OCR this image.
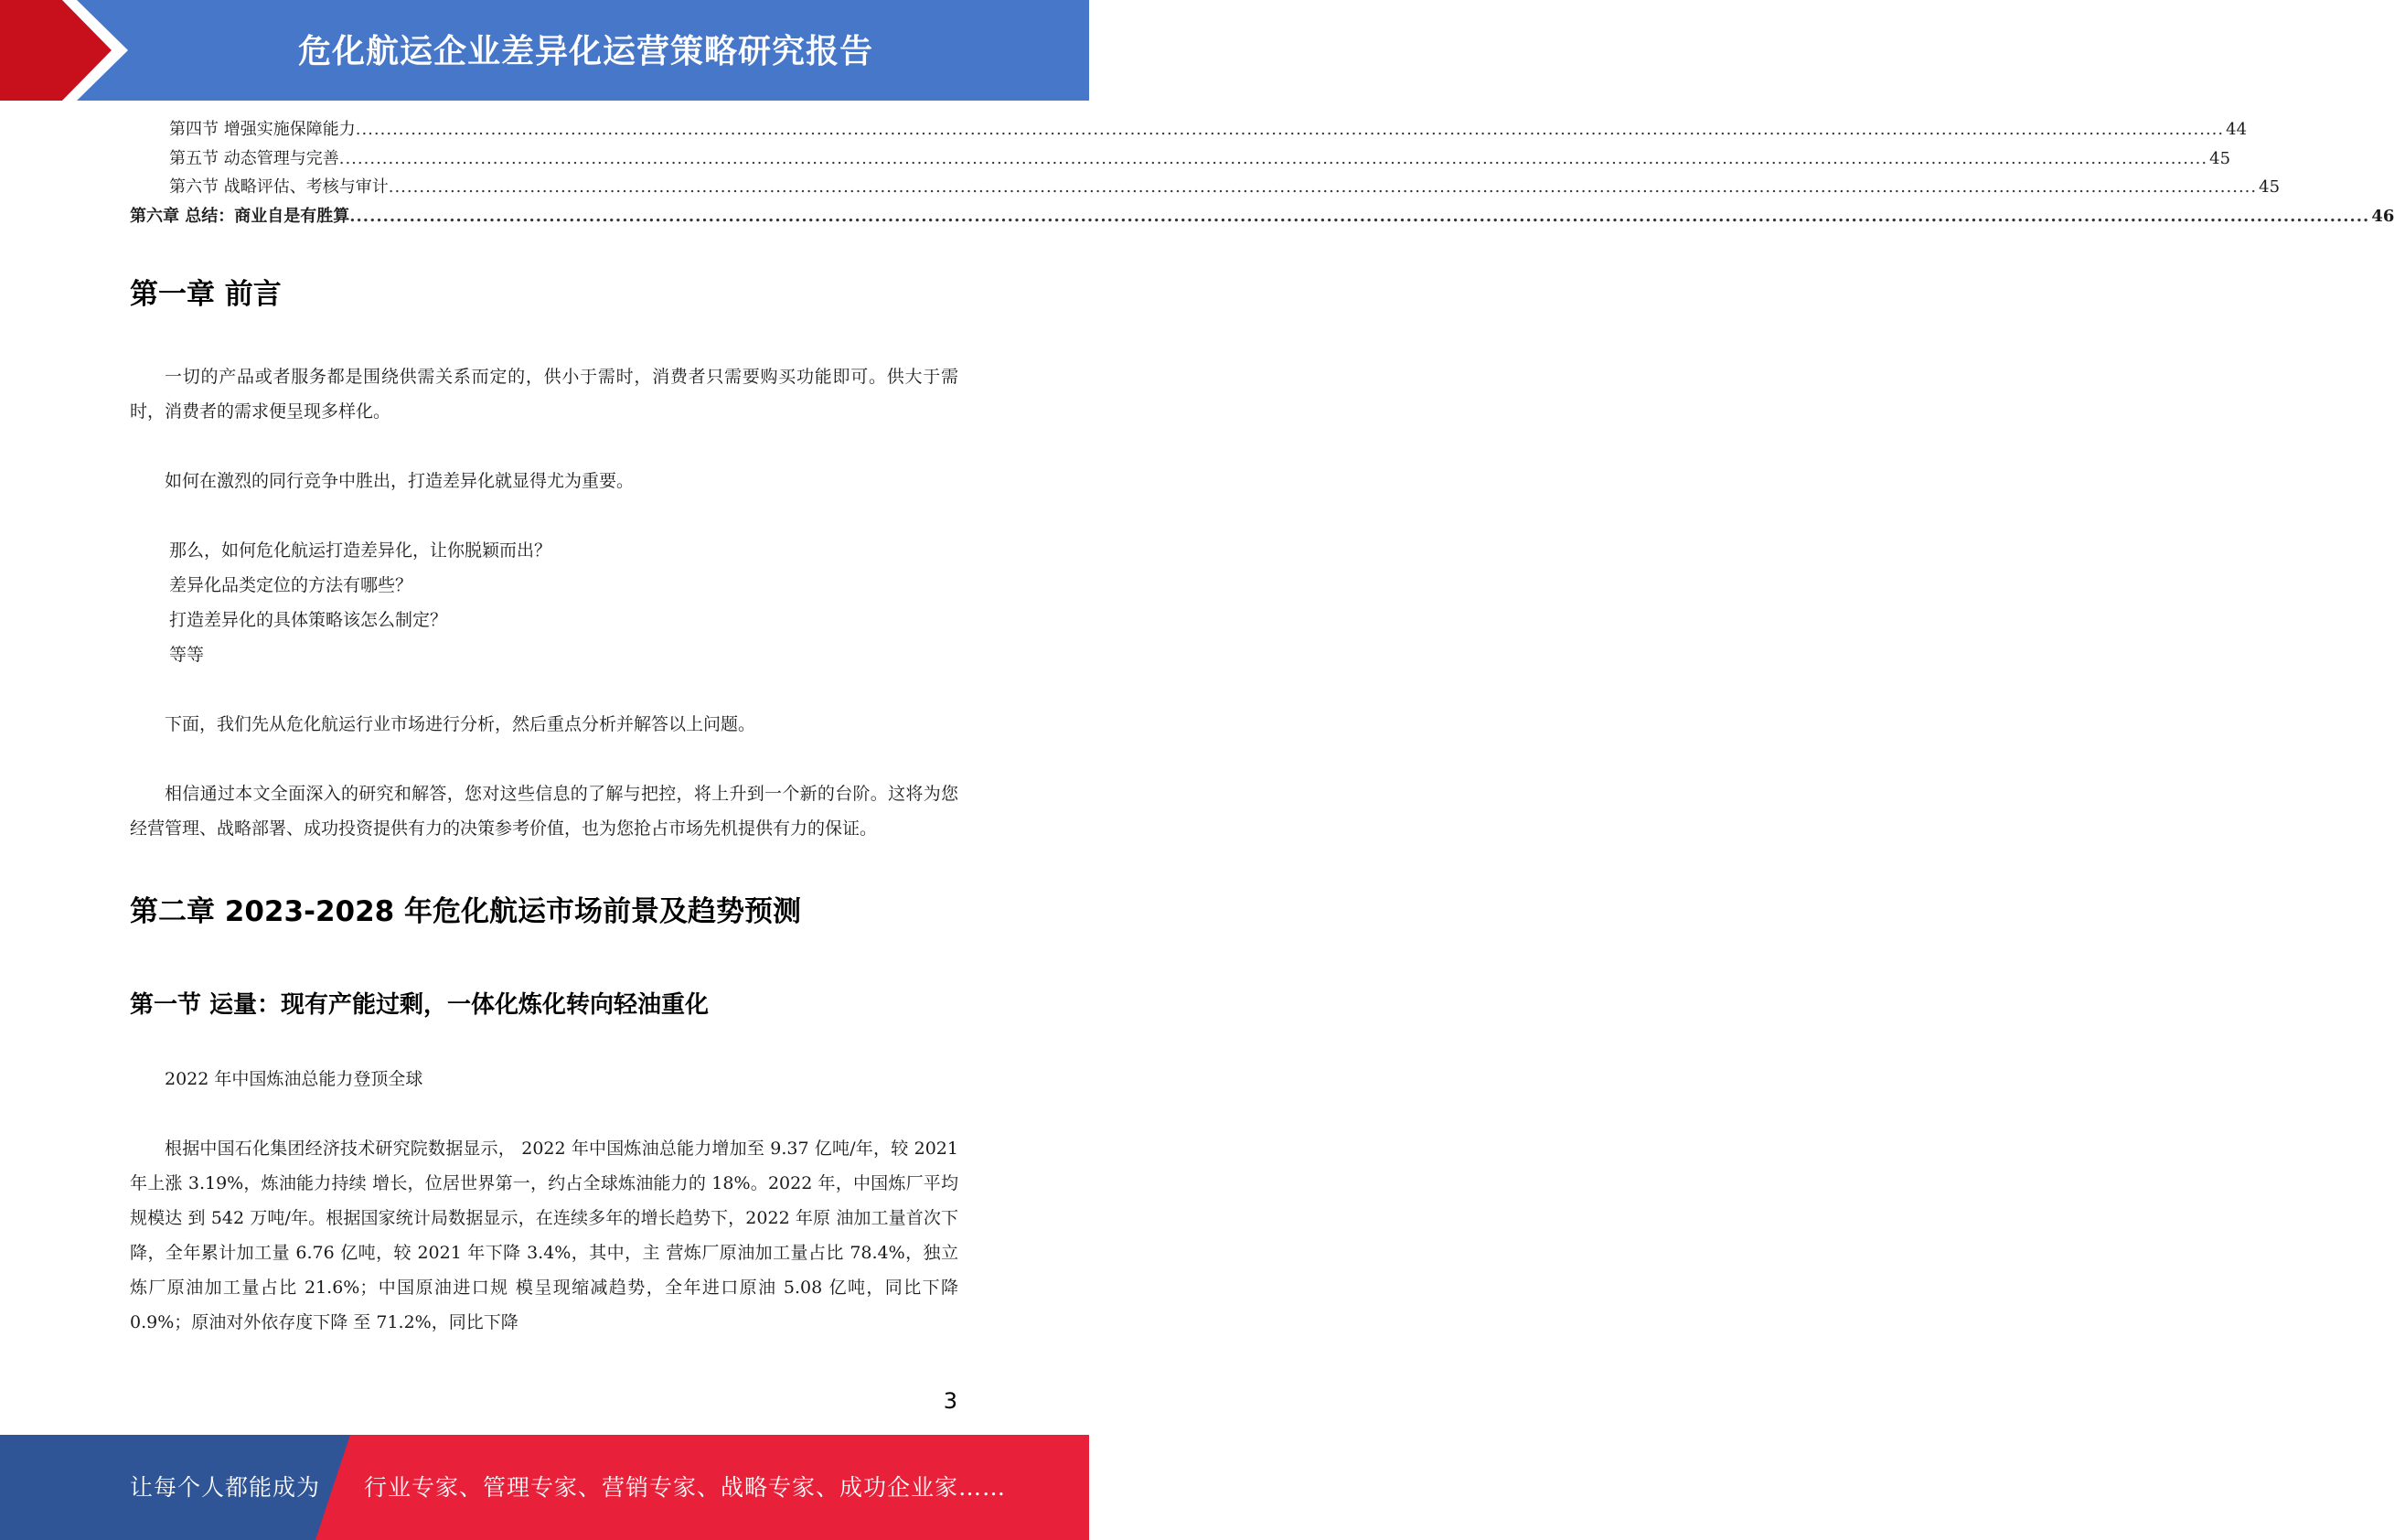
危化航运企业差异化运营策略研究报告
第四节 增强实施保障能力 .....	44
第五节 动态管理与完善 .....	45
第六节 战略评估、考核与审计 .....	45
第六章 总结：商业自是有胜算 .....	46
第一章 前言

一切的产品或者服务都是围绕供需关系而定的，供小于需时，消费者只需要购买功能即可。供大于需时，消费者的需求便呈现多样化。

如何在激烈的同行竞争中胜出，打造差异化就显得尤为重要。

那么，如何危化航运打造差异化，让你脱颖而出？

差异化品类定位的方法有哪些？

打造差异化的具体策略该怎么制定？

等等

下面，我们先从危化航运行业市场进行分析，然后重点分析并解答以上问题。

相信通过本文全面深入的研究和解答，您对这些信息的了解与把控，将上升到一个新的台阶。这将为您经营管理、战略部署、成功投资提供有力的决策参考价值，也为您抢占市场先机提供有力的保证。

第二章 2023-2028 年危化航运市场前景及趋势预测
第一节 运量：现有产能过剩，一体化炼化转向轻油重化

2022 年中国炼油总能力登顶全球

根据中国石化集团经济技术研究院数据显示， 2022 年中国炼油总能力增加至 9.37 亿吨/年，较 2021 年上涨 3.19%，炼油能力持续 增长，位居世界第一，约占全球炼油能力的 18%。2022 年，中国炼厂平均规模达 到 542 万吨/年。根据国家统计局数据显示，在连续多年的增长趋势下，2022 年原 油加工量首次下降，全年累计加工量 6.76 亿吨，较 2021 年下降 3.4%，其中，主 营炼厂原油加工量占比 78.4%，独立炼厂原油加工量占比 21.6%；中国原油进口规 模呈现缩减趋势，全年进口原油 5.08 亿吨，同比下降 0.9%；原油对外依存度下降 至 71.2%，同比下降

3
让每个人都能成为 行业专家、管理专家、营销专家、战略专家、成功企业家……
